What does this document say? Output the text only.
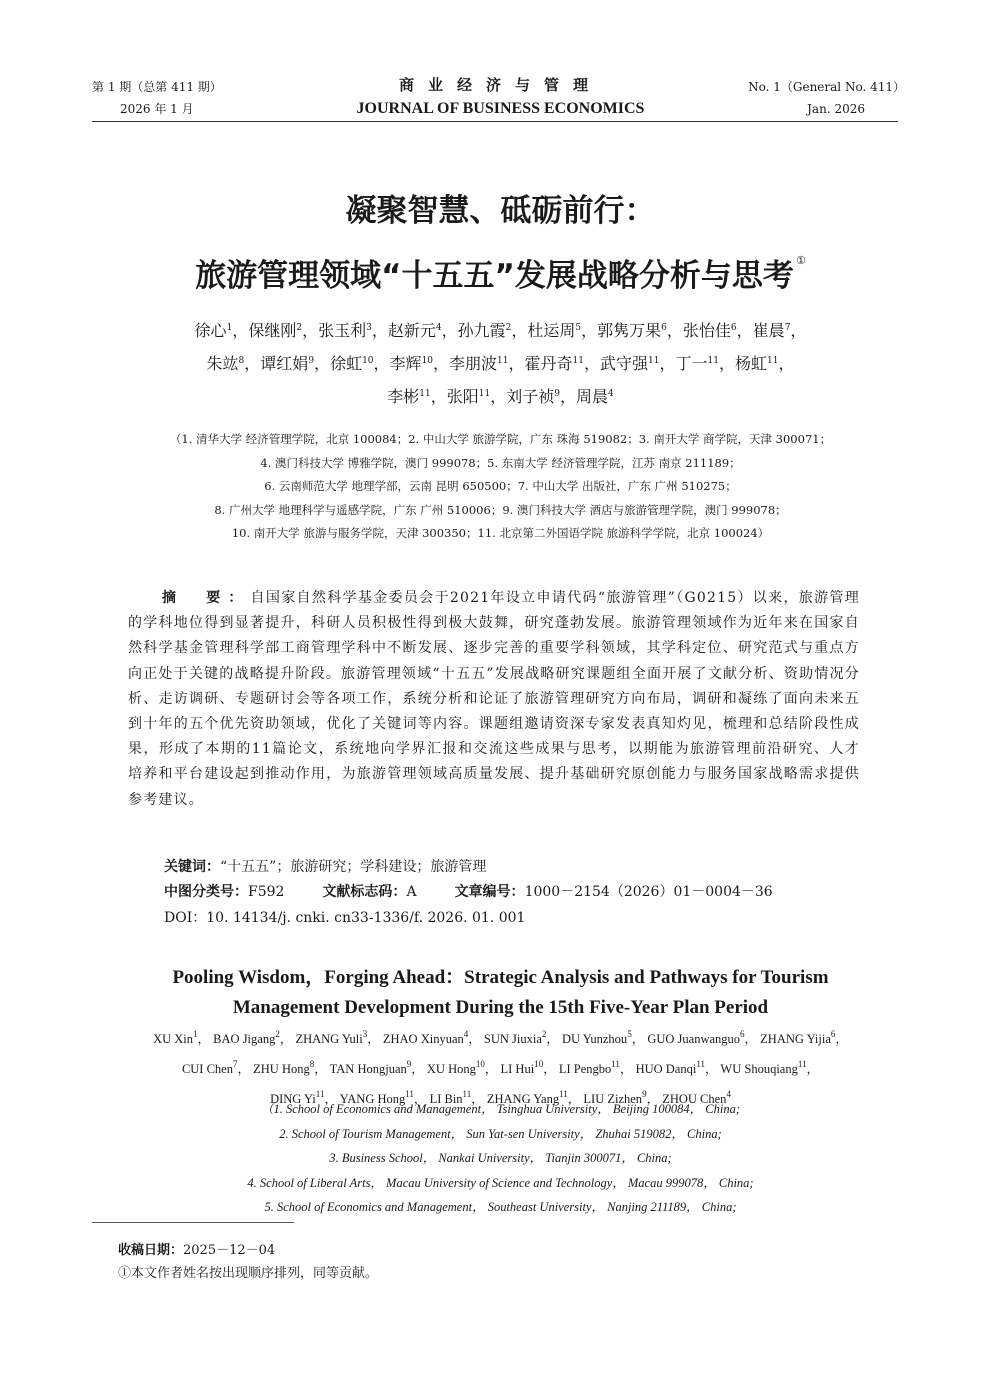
第 1 期（总第 411 期）
2026 年 1 月
商业经济与管理
JOURNAL OF BUSINESS ECONOMICS
No. 1（General No. 411）
Jan. 2026
凝聚智慧、砥砺前行：
旅游管理领域“十五五”发展战略分析与思考 ①
徐心$^1$，保继刚$^2$，张玉利$^3$，赵新元$^4$，孙九霞$^2$，杜运周$^5$，郭隽万果$^6$，张怡佳$^6$，崔晨$^7$，
朱竑$^8$，谭红娟$^9$，徐虹$^{10}$，李辉$^{10}$，李朋波$^{11}$，霍丹奇$^{11}$，武守强$^{11}$，丁一$^{11}$，杨虹$^{11}$，
李彬$^{11}$，张阳$^{11}$，刘子祯$^9$，周晨$^4$
（1. 清华大学 经济管理学院，北京 100084；2. 中山大学 旅游学院，广东 珠海 519082；3. 南开大学 商学院，天津 300071；
4. 澳门科技大学 博雅学院，澳门 999078；5. 东南大学 经济管理学院，江苏 南京 211189；
6. 云南师范大学 地理学部，云南 昆明 650500；7. 中山大学 出版社，广东 广州 510275；
8. 广州大学 地理科学与遥感学院，广东 广州 510006；9. 澳门科技大学 酒店与旅游管理学院，澳门 999078；
10. 南开大学 旅游与服务学院，天津 300350；11. 北京第二外国语学院 旅游科学学院，北京 100024）
摘　要：自国家自然科学基金委员会于2021年设立申请代码“旅游管理”（G0215）以来，旅游管理的学科地位得到显著提升，科研人员积极性得到极大鼓舞，研究蓬勃发展。旅游管理领域作为近年来在国家自然科学基金管理科学部工商管理学科中不断发展、逐步完善的重要学科领域，其学科定位、研究范式与重点方向正处于关键的战略提升阶段。旅游管理领域“十五五”发展战略研究课题组全面开展了文献分析、资助情况分析、走访调研、专题研讨会等各项工作，系统分析和论证了旅游管理研究方向布局，调研和凝练了面向未来五到十年的五个优先资助领域，优化了关键词等内容。课题组邀请资深专家发表真知灼见，梳理和总结阶段性成果，形成了本期的11篇论文，系统地向学界汇报和交流这些成果与思考，以期能为旅游管理前沿研究、人才培养和平台建设起到推动作用，为旅游管理领域高质量发展、提升基础研究原创能力与服务国家战略需求提供参考建议。
关键词：“十五五”；旅游研究；学科建设；旅游管理
中图分类号：F592	文献标志码：A	文章编号：1000－2154（2026）01－0004－36
DOI：10. 14134/j. cnki. cn33-1336/f. 2026. 01. 001
Pooling Wisdom，Forging Ahead：Strategic Analysis and Pathways for Tourism
Management Development During the 15th Five-Year Plan Period
XU Xin$^1$， BAO Jigang$^2$， ZHANG Yuli$^3$， ZHAO Xinyuan$^4$， SUN Jiuxia$^2$， DU Yunzhou$^5$， GUO Juanwanguo$^6$， ZHANG Yijia$^6$，
CUI Chen$^7$， ZHU Hong$^8$， TAN Hongjuan$^9$， XU Hong$^{10}$， LI Hui$^{10}$， LI Pengbo$^{11}$， HUO Danqi$^{11}$， WU Shouqiang$^{11}$，
DING Yi$^{11}$， YANG Hong$^{11}$， LI Bin$^{11}$， ZHANG Yang$^{11}$， LIU Zizhen$^9$， ZHOU Chen$^4$
（1. School of Economics and Management， Tsinghua University， Beijing 100084， China;
2. School of Tourism Management， Sun Yat-sen University， Zhuhai 519082， China;
3. Business School， Nankai University， Tianjin 300071， China;
4. School of Liberal Arts， Macau University of Science and Technology， Macau 999078， China;
5. School of Economics and Management， Southeast University， Nanjing 211189， China;
收稿日期：2025－12－04
①本文作者姓名按出现顺序排列，同等贡献。
